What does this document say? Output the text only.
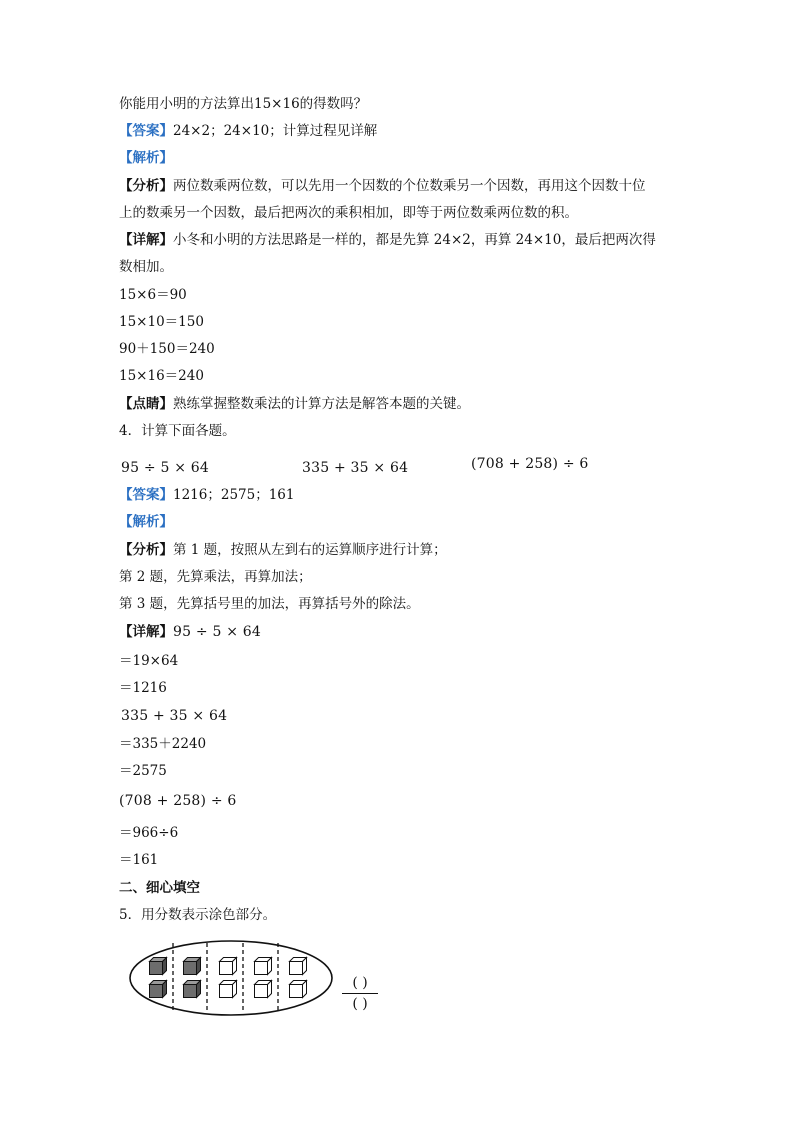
你能用小明的方法算出15×16的得数吗？
【答案】24×2；24×10；计算过程见详解
【解析】
【分析】两位数乘两位数，可以先用一个因数的个位数乘另一个因数，再用这个因数十位
上的数乘另一个因数，最后把两次的乘积相加，即等于两位数乘两位数的积。
【详解】小冬和小明的方法思路是一样的，都是先算 24×2，再算 24×10，最后把两次得
数相加。
15×6＝90
15×10＝150
90＋150＝240
15×16＝240
【点睛】熟练掌握整数乘法的计算方法是解答本题的关键。
4．计算下面各题。
95 ÷ 5 × 64	335 + 35 × 64	(708 + 258) ÷ 6
【答案】1216；2575；161
【解析】
【分析】第 1 题，按照从左到右的运算顺序进行计算；
第 2 题，先算乘法，再算加法；
第 3 题，先算括号里的加法，再算括号外的除法。
【详解】95 ÷ 5 × 64
＝19×64
＝1216
335 + 35 × 64
＝335＋2240
＝2575
(708 + 258) ÷ 6
＝966÷6
＝161
二、细心填空
5．用分数表示涂色部分。
( )
( )
